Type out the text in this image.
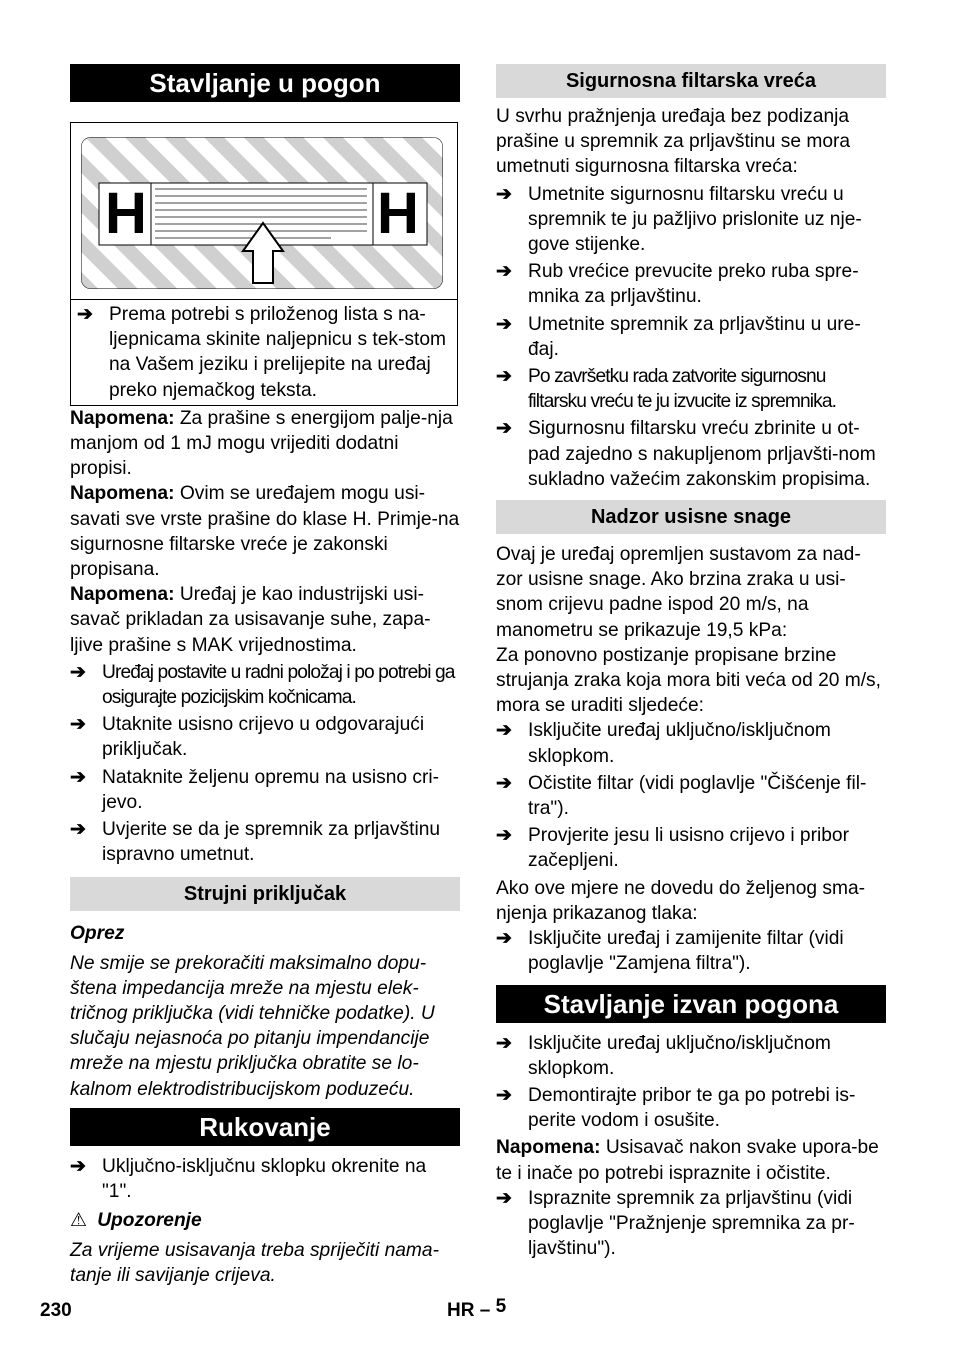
Stavljanje u pogon
H	H
➔ Prema potrebi s priloženog lista s na-ljepnicama skinite naljepnicu s tek-stom na Vašem jeziku i prelijepite na uređaj preko njemačkog teksta.

Napomena: Za prašine s energijom palje-nja manjom od 1 mJ mogu vrijediti dodatni propisi.

Napomena: Ovim se uređajem mogu usi-savati sve vrste prašine do klase H. Primje-na sigurnosne filtarske vreće je zakonski propisana.

Napomena: Uređaj je kao industrijski usi-savač prikladan za usisavanje suhe, zapa-ljive prašine s MAK vrijednostima.

➔ Uređaj postavite u radni položaj i po potrebi ga osigurajte pozicijskim kočnicama.
➔ Utaknite usisno crijevo u odgovarajući priključak.
➔ Nataknite željenu opremu na usisno cri-jevo.
➔ Uvjerite se da je spremnik za prljavštinu ispravno umetnut.
Strujni priključak

Oprez

Ne smije se prekoračiti maksimalno dopu-štena impedancija mreže na mjestu elek-tričnog priključka (vidi tehničke podatke). U slučaju nejasnoća po pitanju impendancije mreže na mjestu priključka obratite se lo-kalnom elektrodistribucijskom poduzeću.

Rukovanje
➔ Uključno-isključnu sklopku okrenite na "1".

⚠ Upozorenje

Za vrijeme usisavanja treba spriječiti nama-tanje ili savijanje crijeva.

Sigurnosna filtarska vreća

U svrhu pražnjenja uređaja bez podizanja prašine u spremnik za prljavštinu se mora umetnuti sigurnosna filtarska vreća:

➔ Umetnite sigurnosnu filtarsku vreću u spremnik te ju pažljivo prislonite uz nje-gove stijenke.
➔ Rub vrećice prevucite preko ruba spre-mnika za prljavštinu.
➔ Umetnite spremnik za prljavštinu u ure-đaj.
➔ Po završetku rada zatvorite sigurnosnu filtarsku vreću te ju izvucite iz spremnika.
➔ Sigurnosnu filtarsku vreću zbrinite u ot-pad zajedno s nakupljenom prljavšti-nom sukladno važećim zakonskim propisima.
Nadzor usisne snage

Ovaj je uređaj opremljen sustavom za nad-zor usisne snage. Ako brzina zraka u usi-snom crijevu padne ispod 20 m/s, na manometru se prikazuje 19,5 kPa:

Za ponovno postizanje propisane brzine strujanja zraka koja mora biti veća od 20 m/s, mora se uraditi sljedeće:

➔ Isključite uređaj uključno/isključnom sklopkom.
➔ Očistite filtar (vidi poglavlje "Čišćenje fil-tra").
➔ Provjerite jesu li usisno crijevo i pribor začepljeni.

Ako ove mjere ne dovedu do željenog sma-njenja prikazanog tlaka:

➔ Isključite uređaj i zamijenite filtar (vidi poglavlje "Zamjena filtra").
Stavljanje izvan pogona
➔ Isključite uređaj uključno/isključnom sklopkom.
➔ Demontirajte pribor te ga po potrebi is-perite vodom i osušite.

Napomena: Usisavač nakon svake upora-be te i inače po potrebi ispraznite i očistite.

➔ Ispraznite spremnik za prljavštinu (vidi poglavlje "Pražnjenje spremnika za pr-ljavštinu").
230	HR – 5
